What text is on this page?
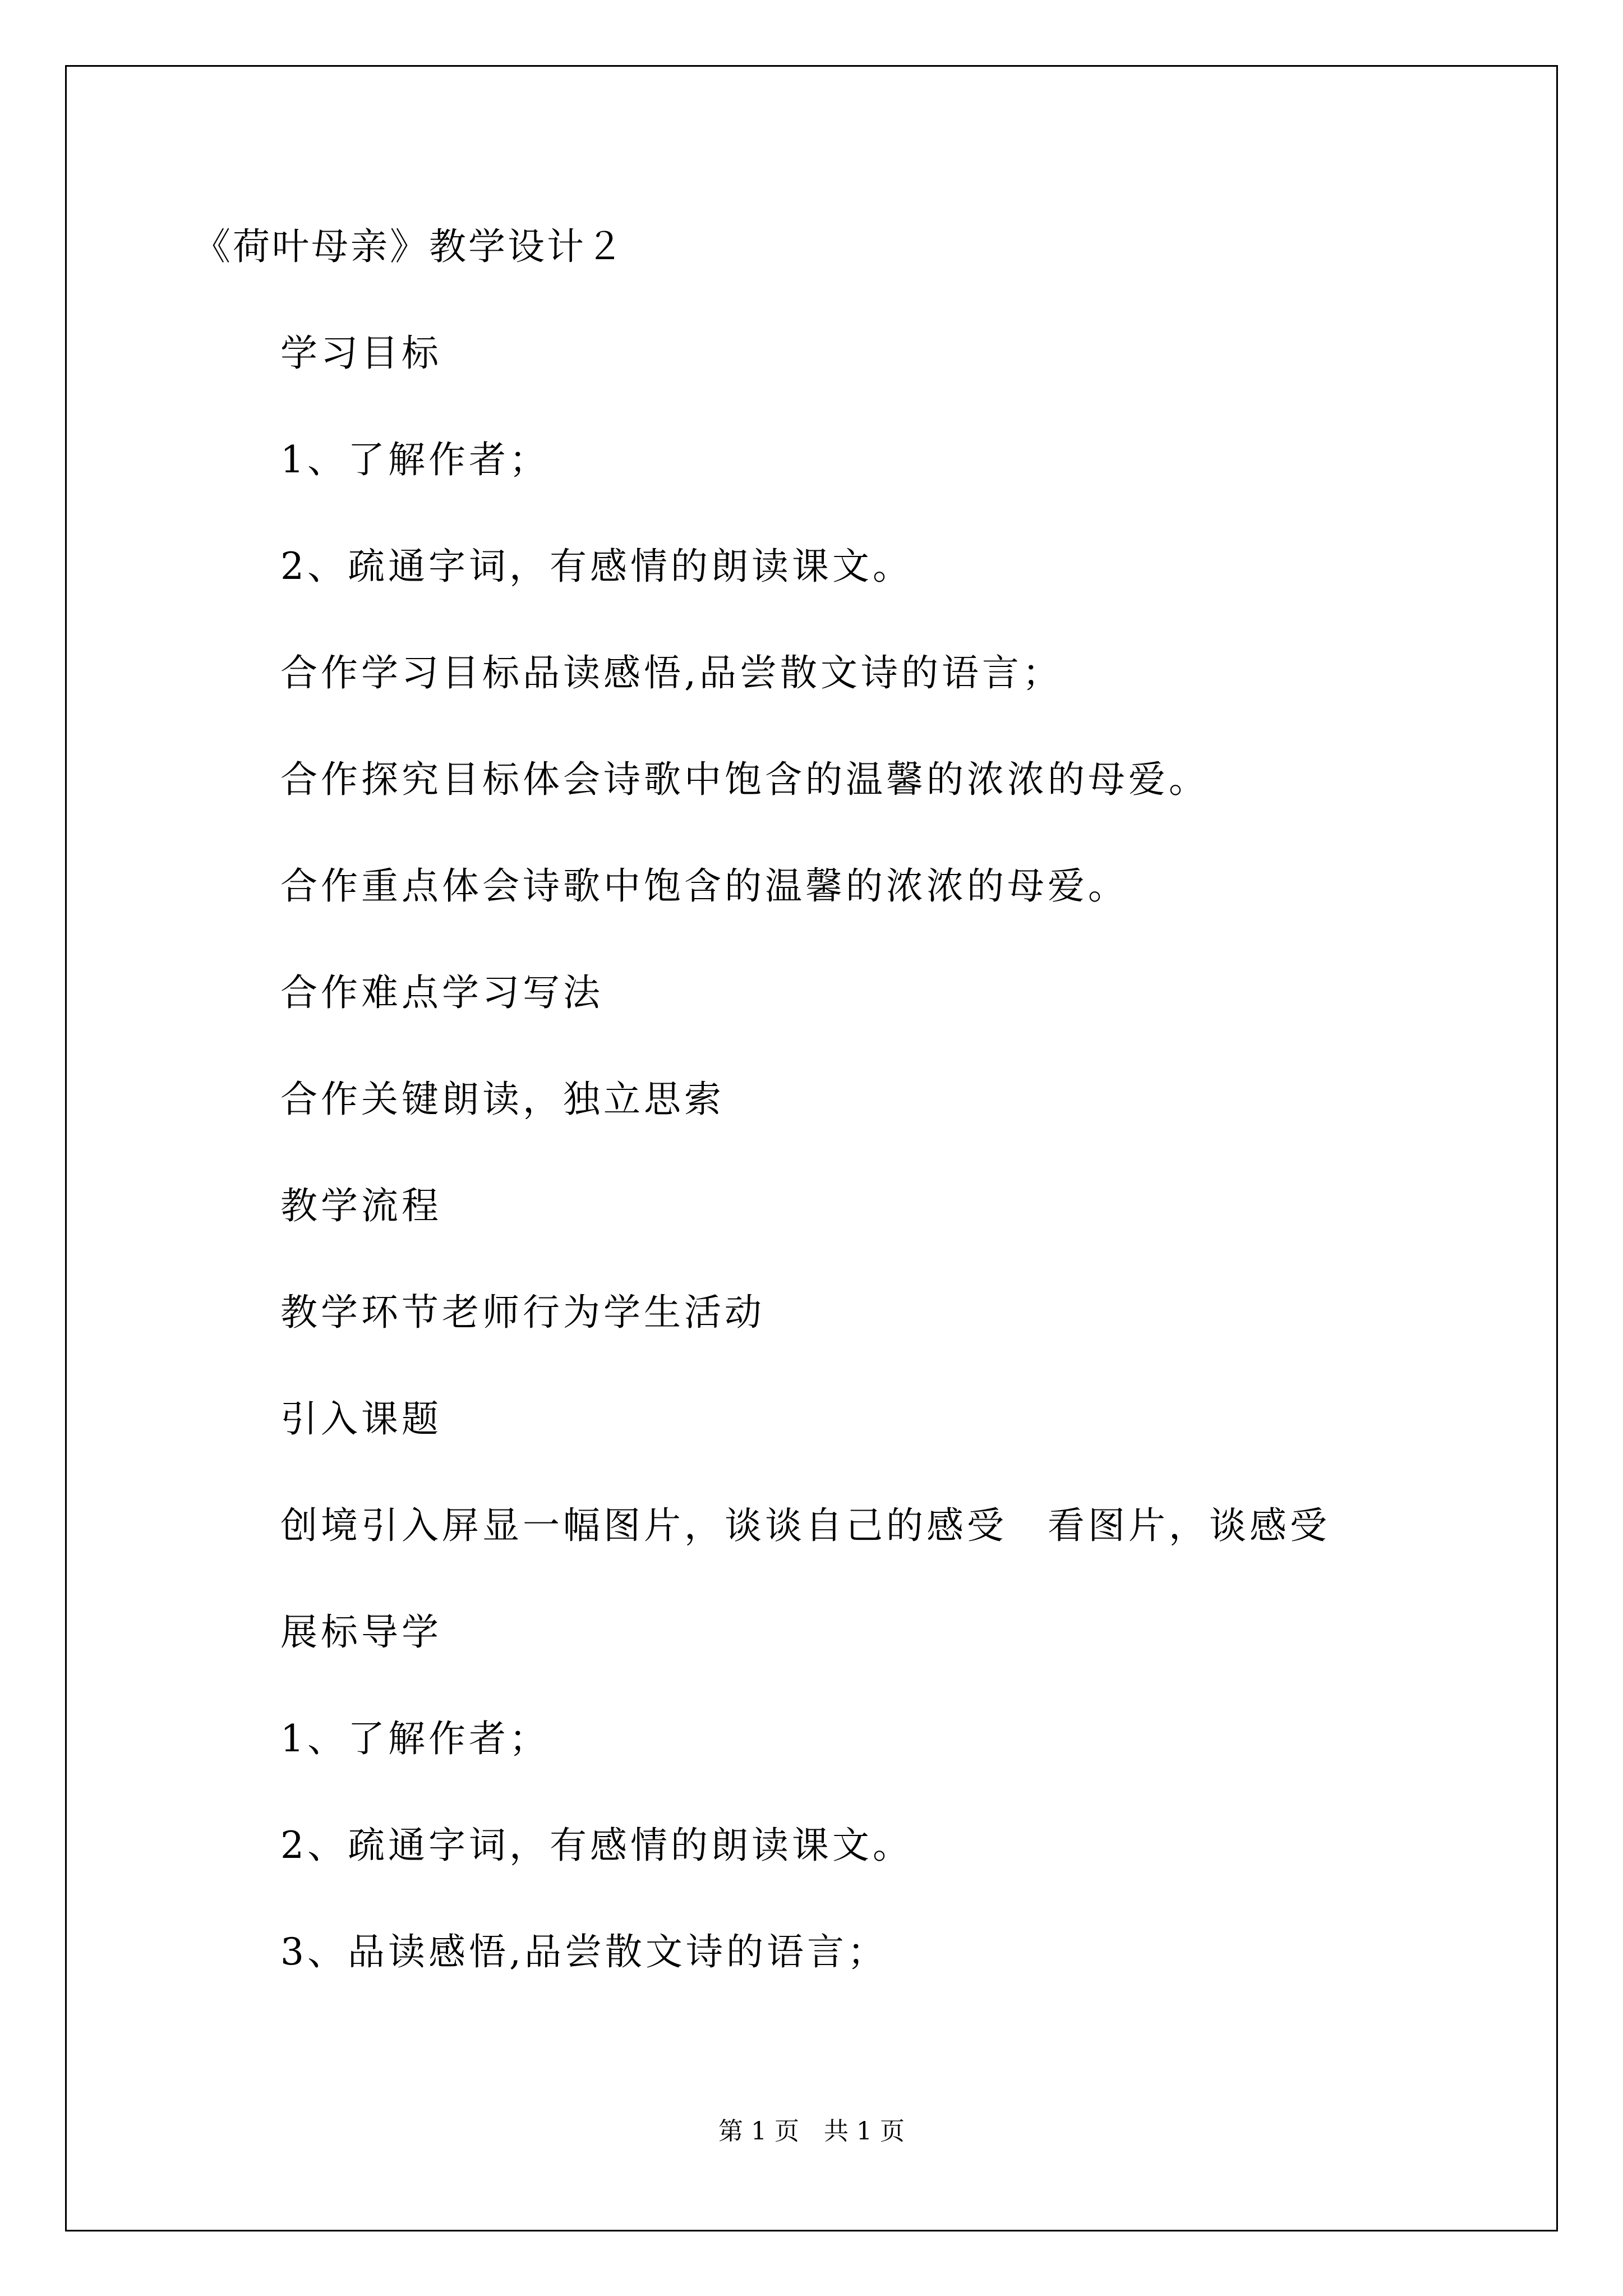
《荷叶母亲》教学设计２
学习目标
1、了解作者；
2、疏通字词，有感情的朗读课文。
合作学习目标品读感悟,品尝散文诗的语言；
合作探究目标体会诗歌中饱含的温馨的浓浓的母爱。
合作重点体会诗歌中饱含的温馨的浓浓的母爱。
合作难点学习写法
合作关键朗读，独立思索
教学流程
教学环节老师行为学生活动
引入课题
创境引入屏显一幅图片，谈谈自己的感受　看图片，谈感受
展标导学
1、了解作者；
2、疏通字词，有感情的朗读课文。
3、品读感悟,品尝散文诗的语言；
第 1 页　共 1 页
